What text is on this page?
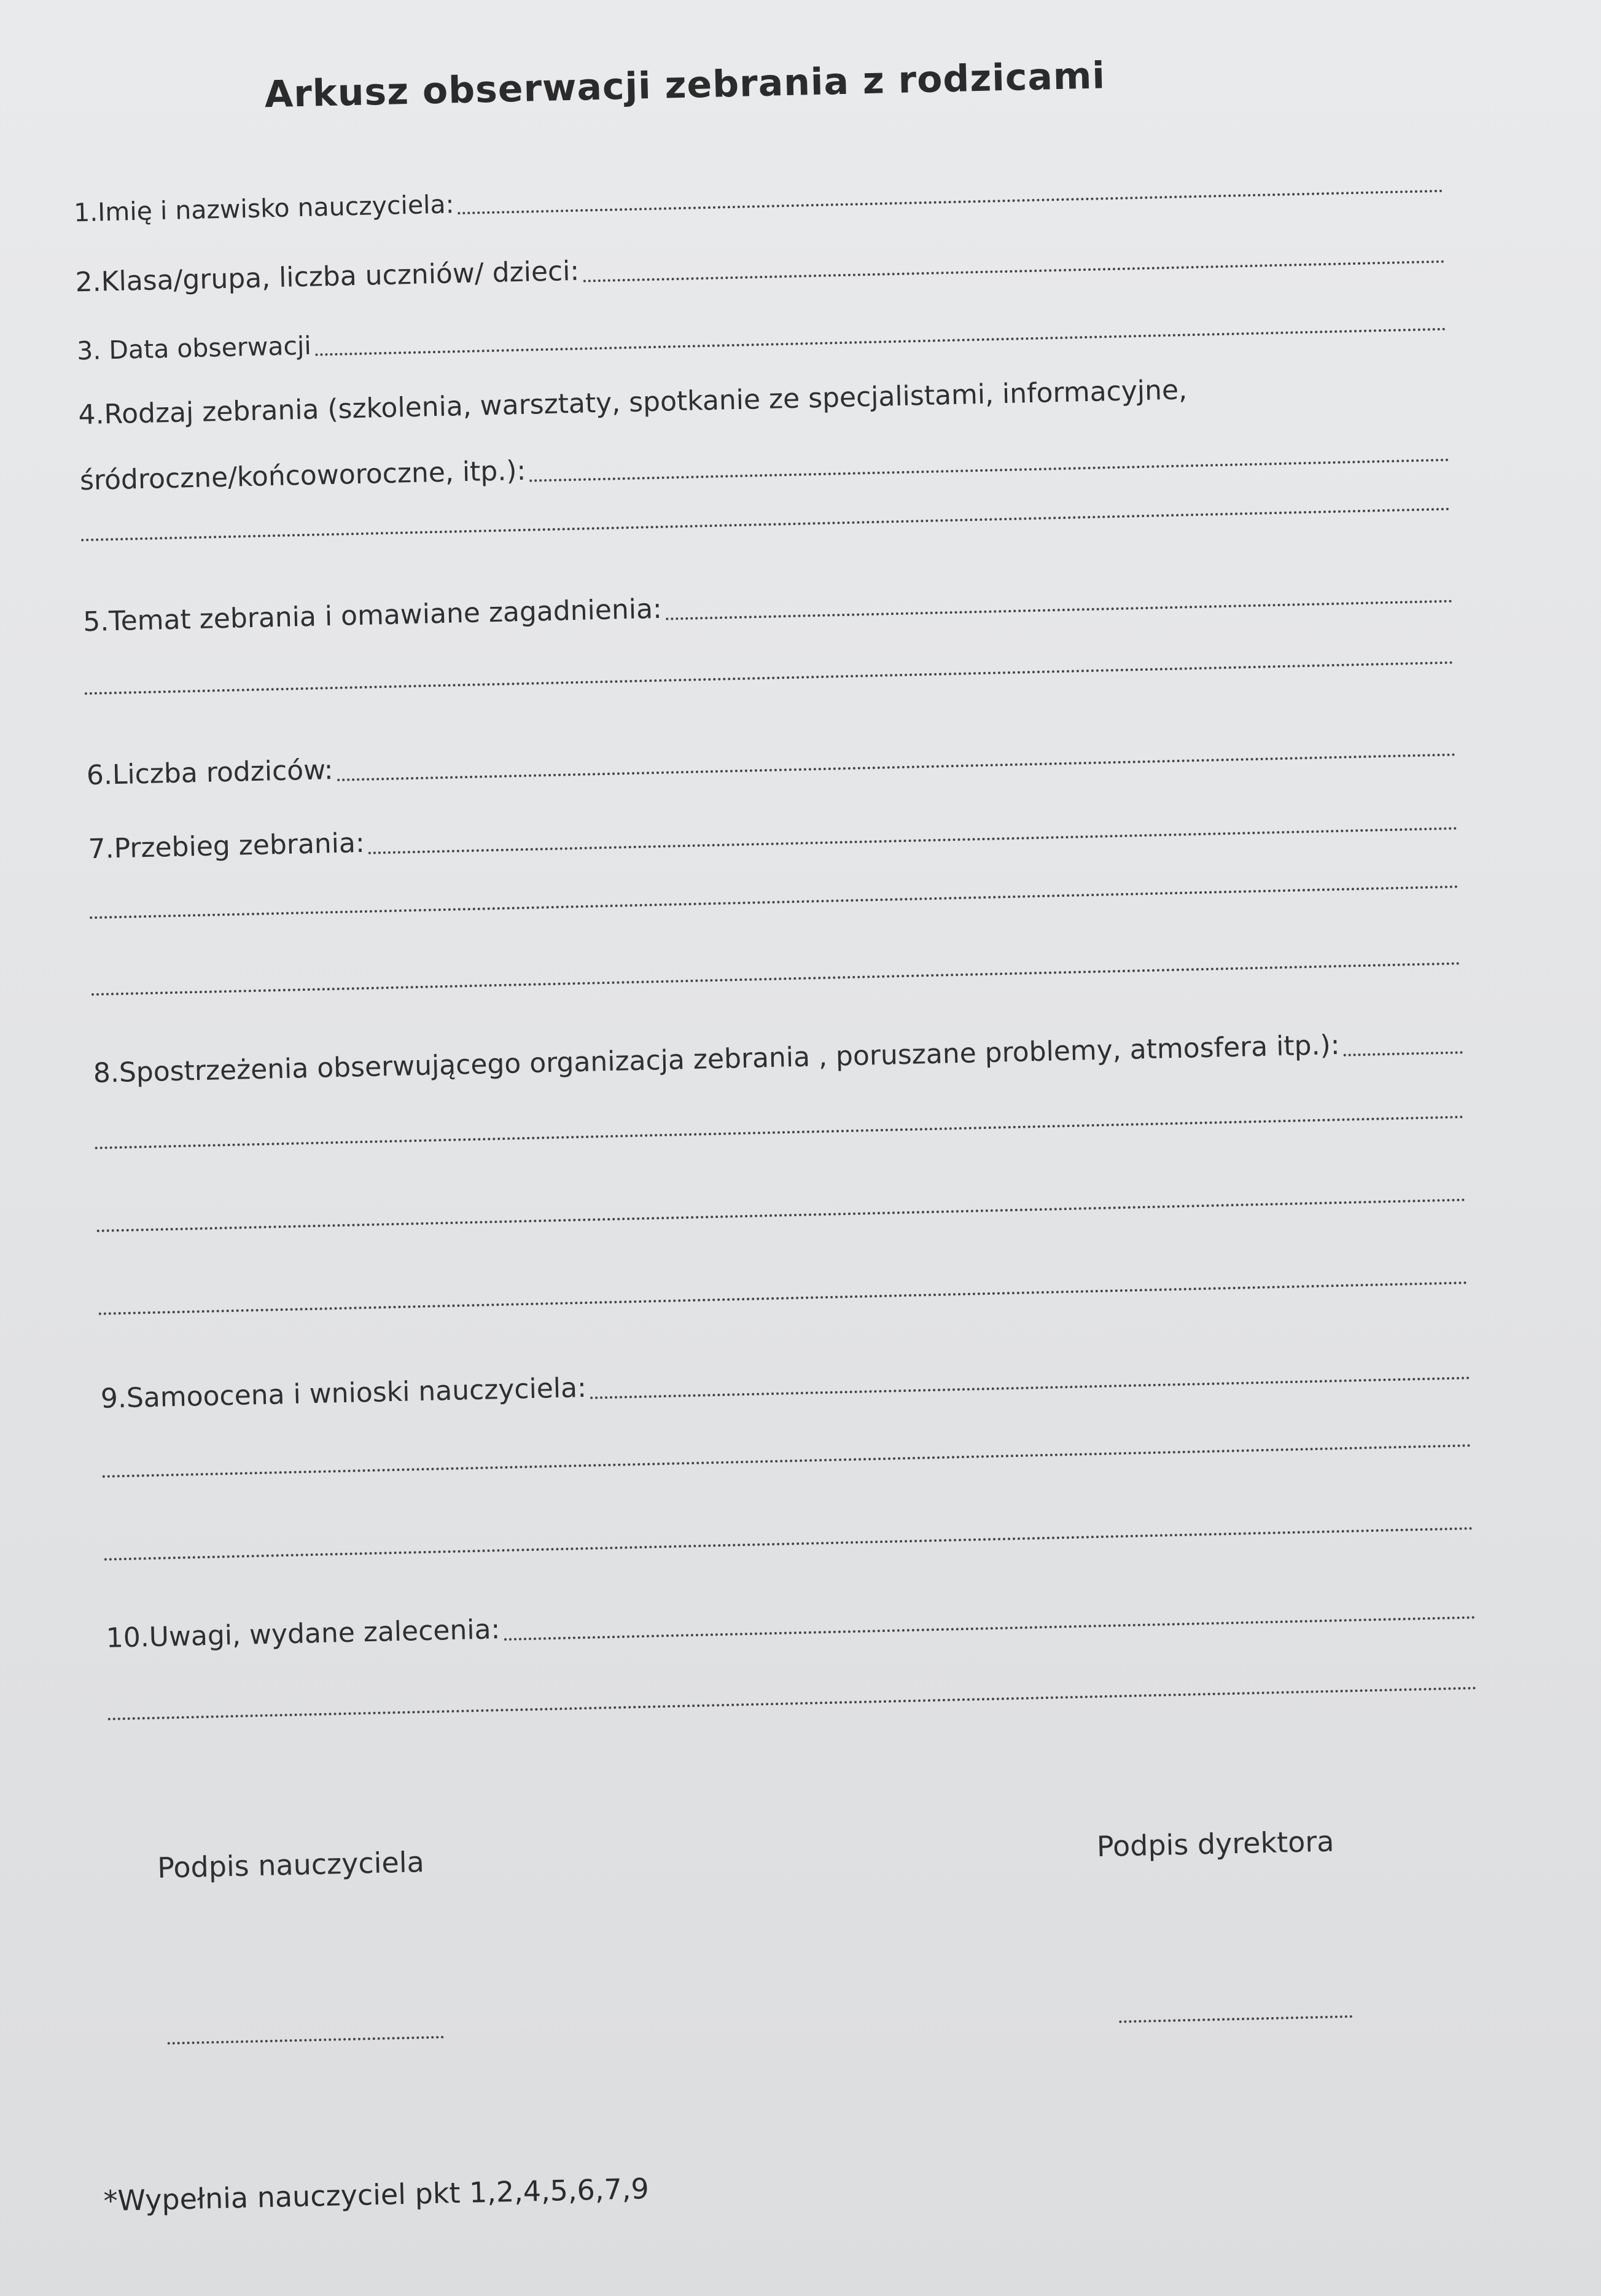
Arkusz obserwacji zebrania z rodzicami
1.Imię i nazwisko nauczyciela:
2.Klasa/grupa, liczba uczniów/ dzieci:
3. Data obserwacji
4.Rodzaj zebrania (szkolenia, warsztaty, spotkanie ze specjalistami, informacyjne,
śródroczne/końcoworoczne, itp.):
5.Temat zebrania i omawiane zagadnienia:
6.Liczba rodziców:
7.Przebieg zebrania:
8.Spostrzeżenia obserwującego organizacja zebrania , poruszane problemy, atmosfera itp.):
9.Samoocena i wnioski nauczyciela:
10.Uwagi, wydane zalecenia:
Podpis nauczyciela
Podpis dyrektora
*Wypełnia nauczyciel pkt 1,2,4,5,6,7,9
